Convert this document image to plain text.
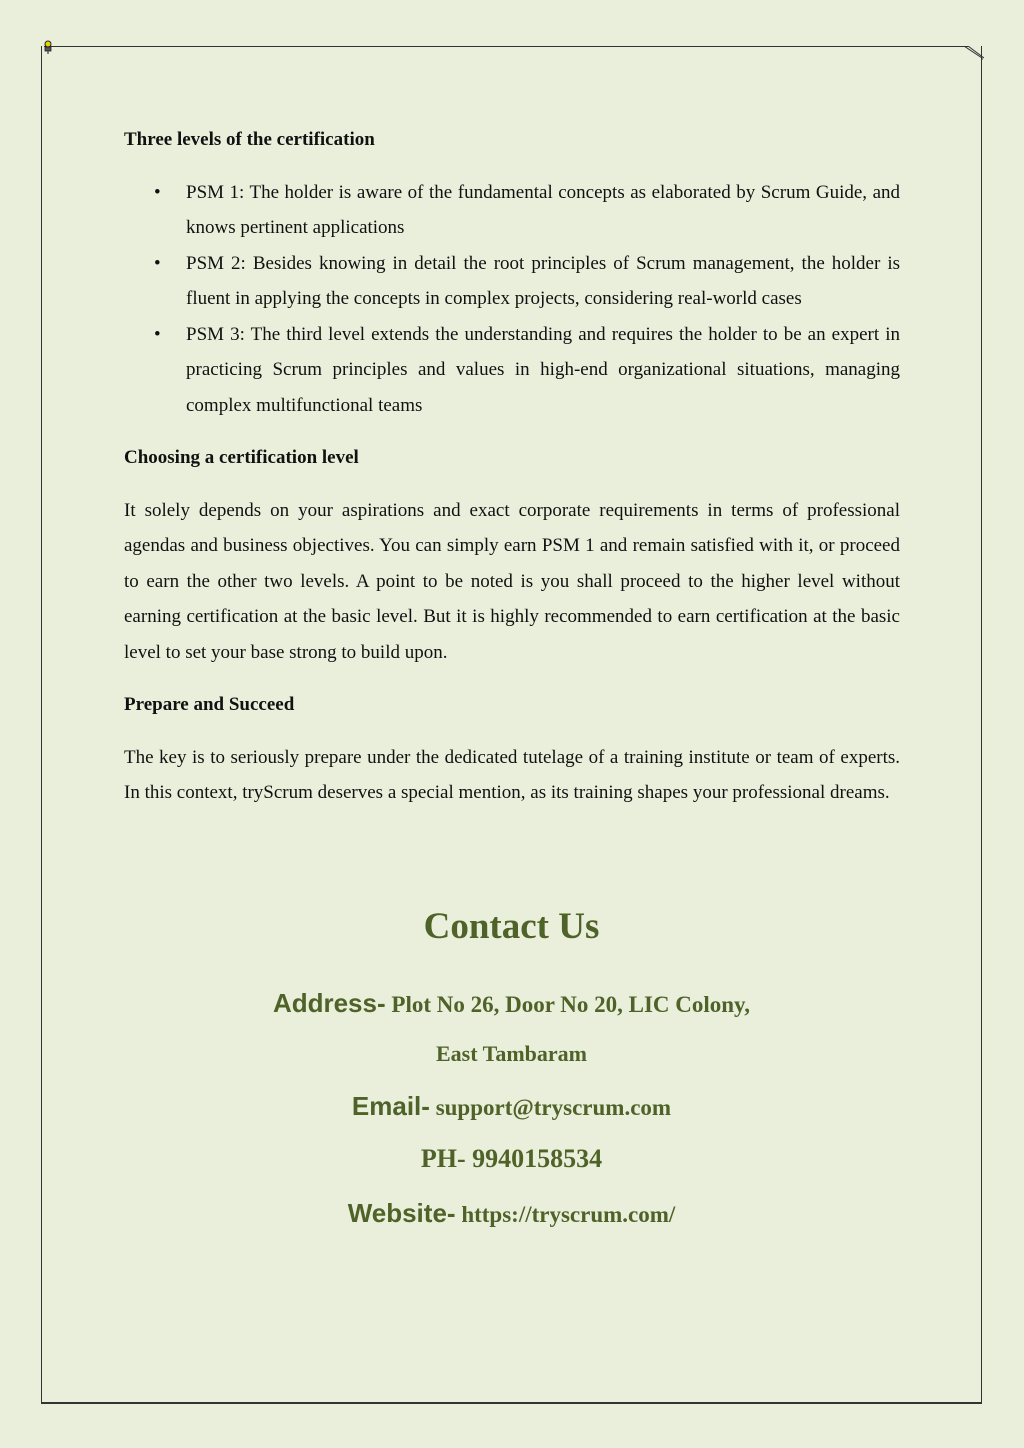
Three levels of the certification

• PSM 1: The holder is aware of the fundamental concepts as elaborated by Scrum Guide, and knows pertinent applications
• PSM 2: Besides knowing in detail the root principles of Scrum management, the holder is fluent in applying the concepts in complex projects, considering real-world cases
• PSM 3: The third level extends the understanding and requires the holder to be an expert in practicing Scrum principles and values in high-end organizational situations, managing complex multifunctional teams

Choosing a certification level

It solely depends on your aspirations and exact corporate requirements in terms of professional agendas and business objectives. You can simply earn PSM 1 and remain satisfied with it, or proceed to earn the other two levels. A point to be noted is you shall proceed to the higher level without earning certification at the basic level. But it is highly recommended to earn certification at the basic level to set your base strong to build upon.

Prepare and Succeed

The key is to seriously prepare under the dedicated tutelage of a training institute or team of experts. In this context, tryScrum deserves a special mention, as its training shapes your professional dreams.

Contact Us
Address- Plot No 26, Door No 20, LIC Colony,
East Tambaram
Email- support@tryscrum.com
PH- 9940158534
Website- https://tryscrum.com/
